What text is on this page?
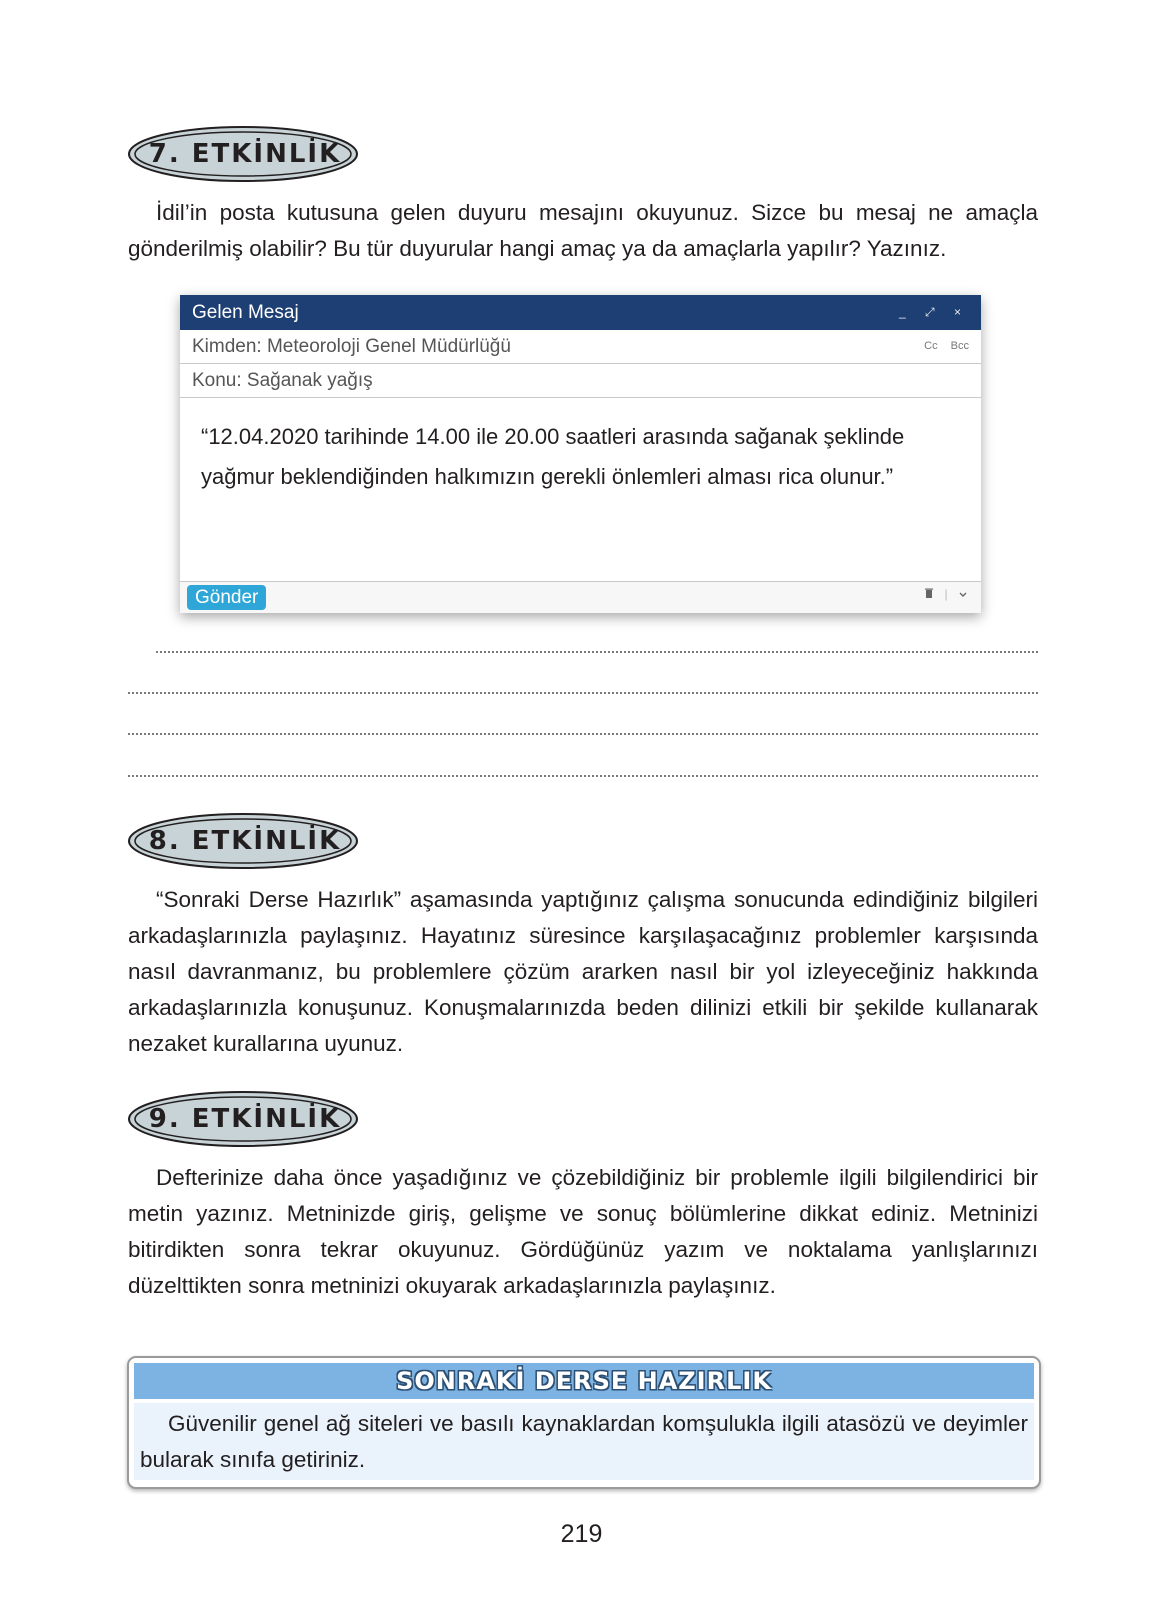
7. ETKİNLİK

İdil’in posta kutusuna gelen duyuru mesajını okuyunuz. Sizce bu mesaj ne amaçla gönderilmiş olabilir? Bu tür duyurular hangi amaç ya da amaçlarla yapılır? Yazınız.

Gelen Mesaj	_ ⤢ ×
Kimden: Meteoroloji Genel Müdürlüğü	Cc Bcc
Konu: Sağanak yağış
“12.04.2020 tarihinde 14.00 ile 20.00 saatleri arasında sağanak şeklinde yağmur beklendiğinden halkımızın gerekli önlemleri alması rica olunur.”
Gönder	|
8. ETKİNLİK

“Sonraki Derse Hazırlık” aşamasında yaptığınız çalışma sonucunda edindiğiniz bilgileri arkadaşlarınızla paylaşınız. Hayatınız süresince karşılaşacağınız problemler karşısında nasıl davranmanız, bu problemlere çözüm ararken nasıl bir yol izleyeceğiniz hakkında arkadaşlarınızla konuşunuz. Konuşmalarınızda beden dilinizi etkili bir şekilde kullanarak nezaket kurallarına uyunuz.

9. ETKİNLİK

Defterinize daha önce yaşadığınız ve çözebildiğiniz bir problemle ilgili bilgilendirici bir metin yazınız. Metninizde giriş, gelişme ve sonuç bölümlerine dikkat ediniz. Metninizi bitirdikten sonra tekrar okuyunuz. Gördüğünüz yazım ve noktalama yanlışlarınızı düzelttikten sonra metninizi okuyarak arkadaşlarınızla paylaşınız.

SONRAKİ DERSE HAZIRLIK

Güvenilir genel ağ siteleri ve basılı kaynaklardan komşulukla ilgili atasözü ve deyimler bularak sınıfa getiriniz.

219
